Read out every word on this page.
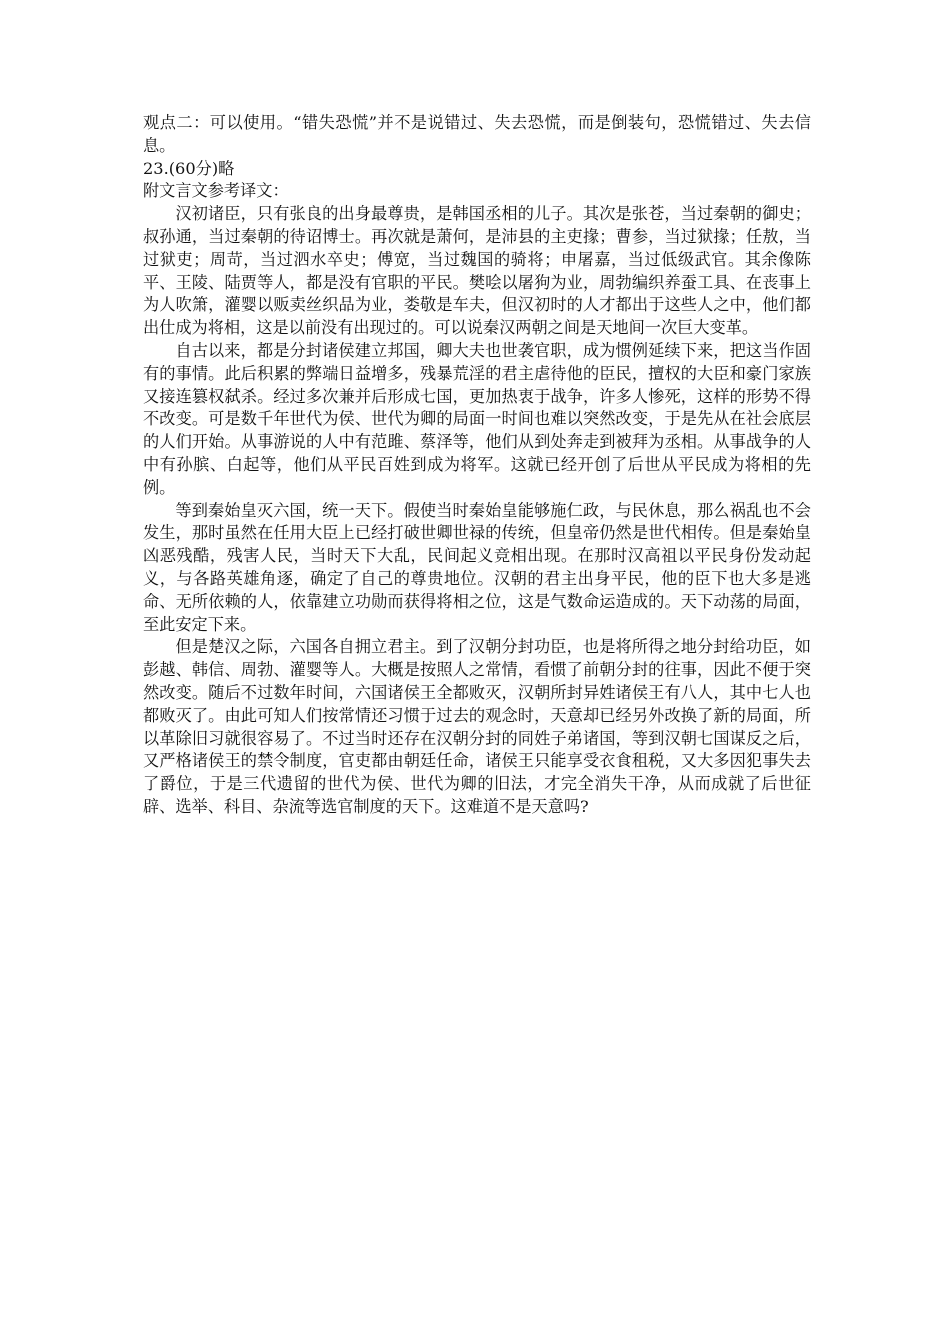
观点二：可以使用。“错失恐慌”并不是说错过、失去恐慌，而是倒装句，恐慌错过、失去信息。

23.(60分)略

附文言文参考译文：

汉初诸臣，只有张良的出身最尊贵，是韩国丞相的儿子。其次是张苍，当过秦朝的御史；叔孙通，当过秦朝的待诏博士。再次就是萧何，是沛县的主吏掾；曹参，当过狱掾；任敖，当过狱吏；周苛，当过泗水卒史；傅宽，当过魏国的骑将；申屠嘉，当过低级武官。其余像陈平、王陵、陆贾等人，都是没有官职的平民。樊哙以屠狗为业，周勃编织养蚕工具、在丧事上为人吹箫，灌婴以贩卖丝织品为业，娄敬是车夫，但汉初时的人才都出于这些人之中，他们都出仕成为将相，这是以前没有出现过的。可以说秦汉两朝之间是天地间一次巨大变革。

自古以来，都是分封诸侯建立邦国，卿大夫也世袭官职，成为惯例延续下来，把这当作固有的事情。此后积累的弊端日益增多，残暴荒淫的君主虐待他的臣民，擅权的大臣和豪门家族又接连篡权弑杀。经过多次兼并后形成七国，更加热衷于战争，许多人惨死，这样的形势不得不改变。可是数千年世代为侯、世代为卿的局面一时间也难以突然改变，于是先从在社会底层的人们开始。从事游说的人中有范雎、蔡泽等，他们从到处奔走到被拜为丞相。从事战争的人中有孙膑、白起等，他们从平民百姓到成为将军。这就已经开创了后世从平民成为将相的先例。

等到秦始皇灭六国，统一天下。假使当时秦始皇能够施仁政，与民休息，那么祸乱也不会发生，那时虽然在任用大臣上已经打破世卿世禄的传统，但皇帝仍然是世代相传。但是秦始皇凶恶残酷，残害人民，当时天下大乱，民间起义竞相出现。在那时汉高祖以平民身份发动起义，与各路英雄角逐，确定了自己的尊贵地位。汉朝的君主出身平民，他的臣下也大多是逃命、无所依赖的人，依靠建立功勋而获得将相之位，这是气数命运造成的。天下动荡的局面，至此安定下来。

但是楚汉之际，六国各自拥立君主。到了汉朝分封功臣，也是将所得之地分封给功臣，如彭越、韩信、周勃、灌婴等人。大概是按照人之常情，看惯了前朝分封的往事，因此不便于突然改变。随后不过数年时间，六国诸侯王全都败灭，汉朝所封异姓诸侯王有八人，其中七人也都败灭了。由此可知人们按常情还习惯于过去的观念时，天意却已经另外改换了新的局面，所以革除旧习就很容易了。不过当时还存在汉朝分封的同姓子弟诸国，等到汉朝七国谋反之后，又严格诸侯王的禁令制度，官吏都由朝廷任命，诸侯王只能享受衣食租税，又大多因犯事失去了爵位，于是三代遗留的世代为侯、世代为卿的旧法，才完全消失干净，从而成就了后世征辟、选举、科目、杂流等选官制度的天下。这难道不是天意吗?
